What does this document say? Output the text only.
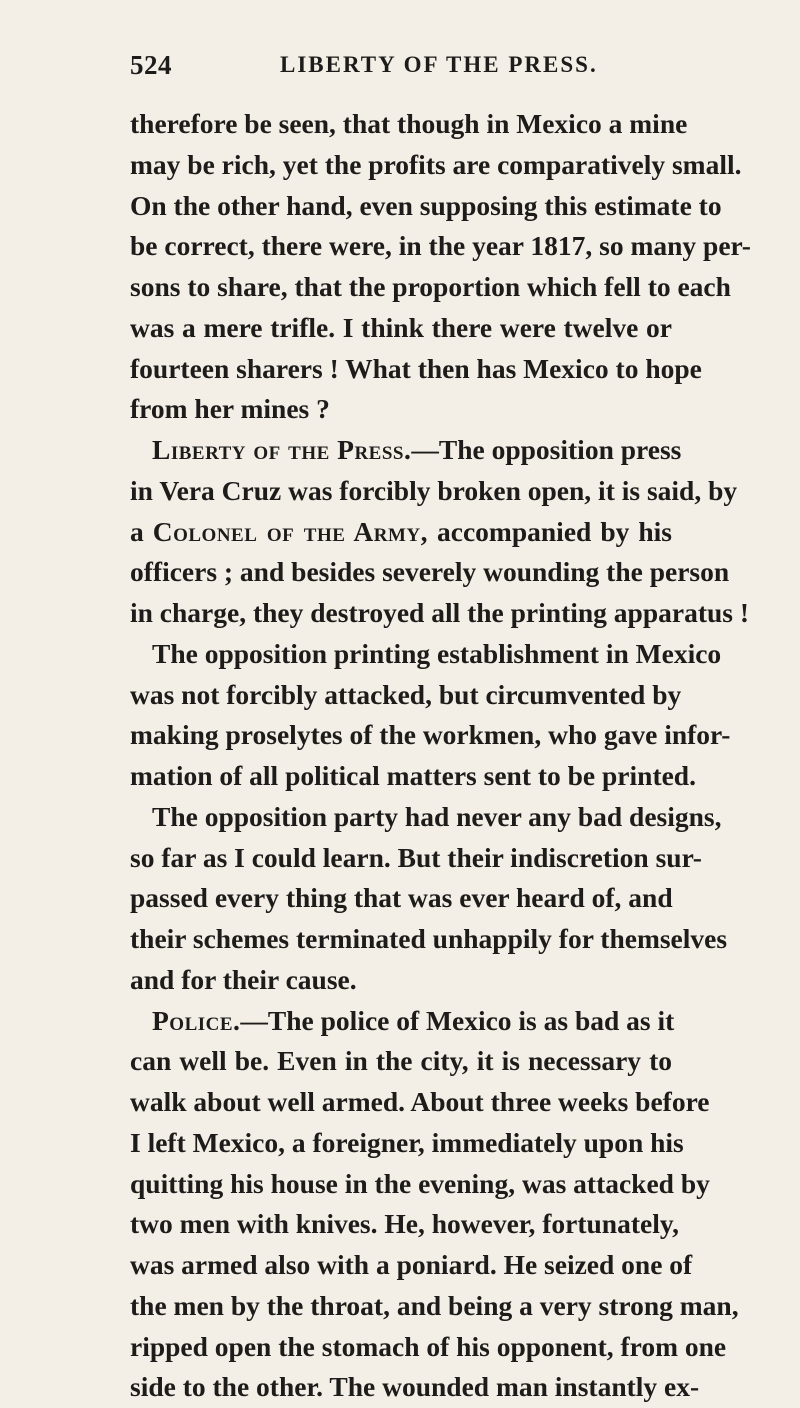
524	LIBERTY OF THE PRESS.
therefore be seen, that though in Mexico a mine
may be rich, yet the profits are comparatively small.
On the other hand, even supposing this estimate to
be correct, there were, in the year 1817, so many per-
sons to share, that the proportion which fell to each
was a mere trifle. I think there were twelve or
fourteen sharers ! What then has Mexico to hope
from her mines ?
Liberty of the Press.—The opposition press
in Vera Cruz was forcibly broken open, it is said, by
a Colonel of the Army, accompanied by his
officers ; and besides severely wounding the person
in charge, they destroyed all the printing apparatus !
The opposition printing establishment in Mexico
was not forcibly attacked, but circumvented by
making proselytes of the workmen, who gave infor-
mation of all political matters sent to be printed.
The opposition party had never any bad designs,
so far as I could learn. But their indiscretion sur-
passed every thing that was ever heard of, and
their schemes terminated unhappily for themselves
and for their cause.
Police.—The police of Mexico is as bad as it
can well be. Even in the city, it is necessary to
walk about well armed. About three weeks before
I left Mexico, a foreigner, immediately upon his
quitting his house in the evening, was attacked by
two men with knives. He, however, fortunately,
was armed also with a poniard. He seized one of
the men by the throat, and being a very strong man,
ripped open the stomach of his opponent, from one
side to the other. The wounded man instantly ex-
